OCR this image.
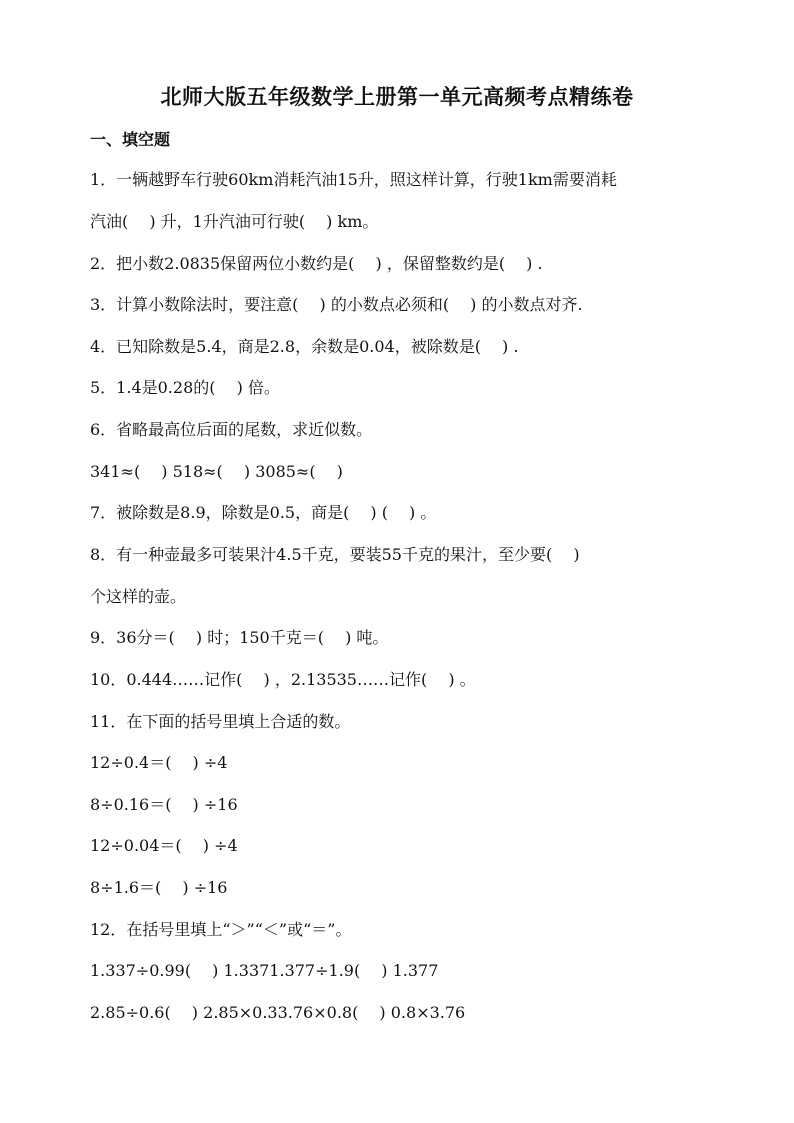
北师大版五年级数学上册第一单元高频考点精练卷
一、填空题
1．一辆越野车行驶60km消耗汽油15升，照这样计算，行驶1km需要消耗
汽油(　 ) 升，1升汽油可行驶(　 ) km。
2．把小数2.0835保留两位小数约是(　 ) ，保留整数约是(　 ) .
3．计算小数除法时，要注意(　 ) 的小数点必须和(　 ) 的小数点对齐.
4．已知除数是5.4，商是2.8，余数是0.04，被除数是(　 ) .
5．1.4是0.28的(　 ) 倍。
6．省略最高位后面的尾数，求近似数。
341≈(　 ) 518≈(　 ) 3085≈(　 )
7．被除数是8.9，除数是0.5，商是(　 ) (　 ) 。
8．有一种壶最多可装果汁4.5千克，要装55千克的果汁，至少要(　 )
个这样的壶。
9．36分＝(　 ) 时；150千克＝(　 ) 吨。
10．0.444……记作(　 ) ，2.13535……记作(　 ) 。
11．在下面的括号里填上合适的数。
12÷0.4＝(　 ) ÷4
8÷0.16＝(　 ) ÷16
12÷0.04＝(　 ) ÷4
8÷1.6＝(　 ) ÷16
12．在括号里填上“＞”“＜”或“＝”。
1.337÷0.99(　 ) 1.3371.377÷1.9(　 ) 1.377
2.85÷0.6(　 ) 2.85×0.33.76×0.8(　 ) 0.8×3.76
